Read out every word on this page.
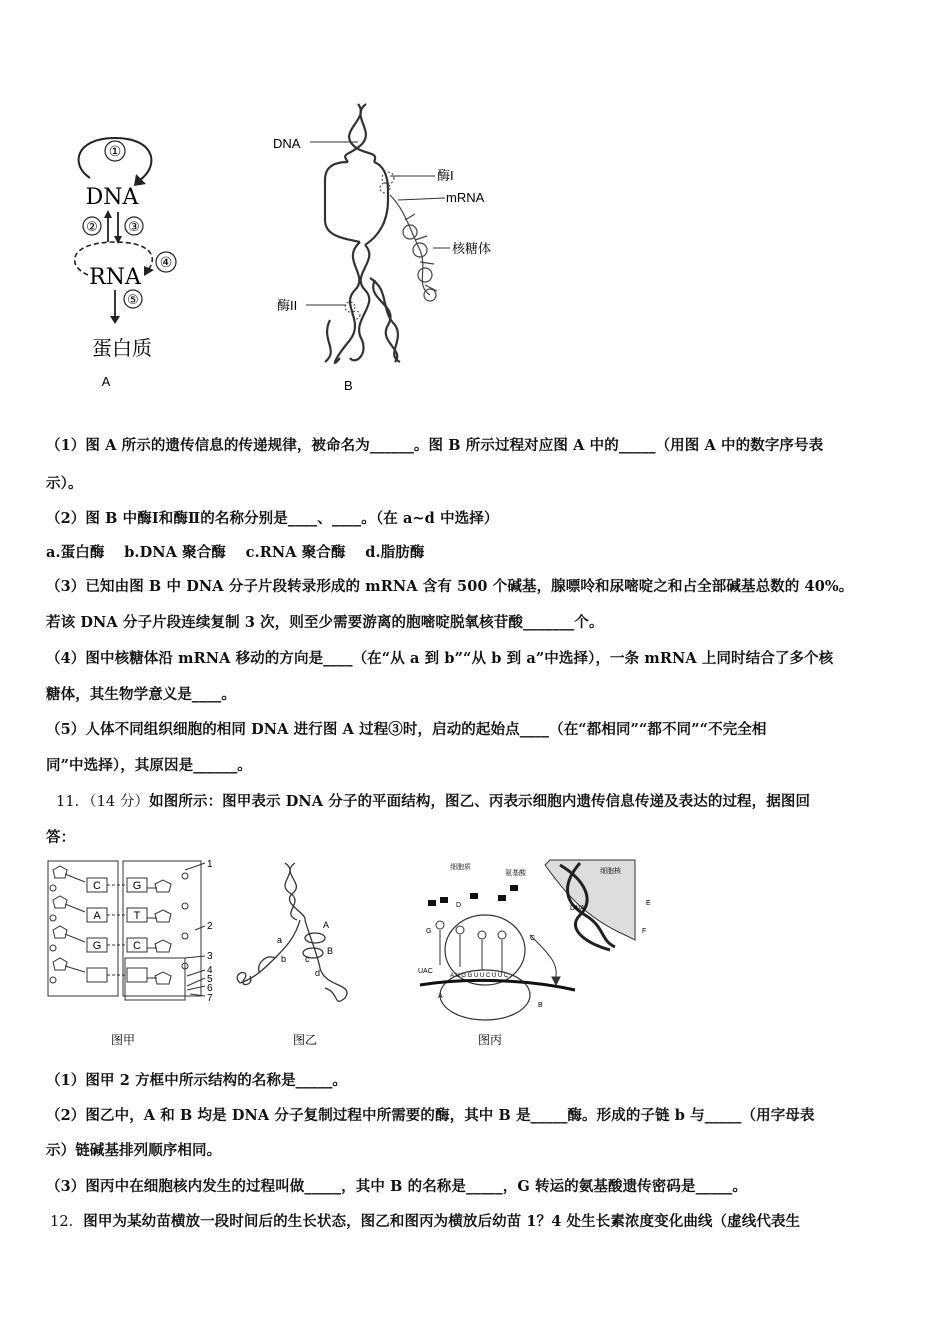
①
DNA
② ③
RNA
④
⑤
蛋白质
A
DNA
酶I
mRNA
核糖体
酶II
B
（1）图 A 所示的遗传信息的传递规律，被命名为______。图 B 所示过程对应图 A 中的_____（用图 A 中的数字序号表
示）。
（2）图 B 中酶Ⅰ和酶Ⅱ的名称分别是____、____。（在 a~d 中选择）
a.蛋白酶　 b.DNA 聚合酶　 c.RNA 聚合酶　 d.脂肪酶
（3）已知由图 B 中 DNA 分子片段转录形成的 mRNA 含有 500 个碱基，腺嘌呤和尿嘧啶之和占全部碱基总数的 40%。
若该 DNA 分子片段连续复制 3 次，则至少需要游离的胞嘧啶脱氧核苷酸_______个。
（4）图中核糖体沿 mRNA 移动的方向是____（在“从 a 到 b”“从 b 到 a”中选择），一条 mRNA 上同时结合了多个核
糖体，其生物学意义是____。
（5）人体不同组织细胞的相同 DNA 进行图 A 过程③时，启动的起始点____（在“都相同”“都不同”“不完全相
同”中选择），其原因是______。
11．（14 分）如图所示：图甲表示 DNA 分子的平面结构，图乙、丙表示细胞内遗传信息传递及表达的过程，据图回
答：
C
A
G
G
T
C
1
2
3
4
5
6
7
图甲
A
B
a
b c
d
图乙
细胞质
氨基酸	细胞核
DNA
D
G
C
E
F
A
B
UAC
A U G G U U C U U C
图丙
（1）图甲 2 方框中所示结构的名称是_____。
（2）图乙中，A 和 B 均是 DNA 分子复制过程中所需要的酶，其中 B 是_____酶。形成的子链 b 与_____（用字母表
示）链碱基排列顺序相同。
（3）图丙中在细胞核内发生的过程叫做_____，其中 B 的名称是_____，G 转运的氨基酸遗传密码是_____。
12．图甲为某幼苗横放一段时间后的生长状态，图乙和图丙为横放后幼苗 1？4 处生长素浓度变化曲线（虚线代表生
